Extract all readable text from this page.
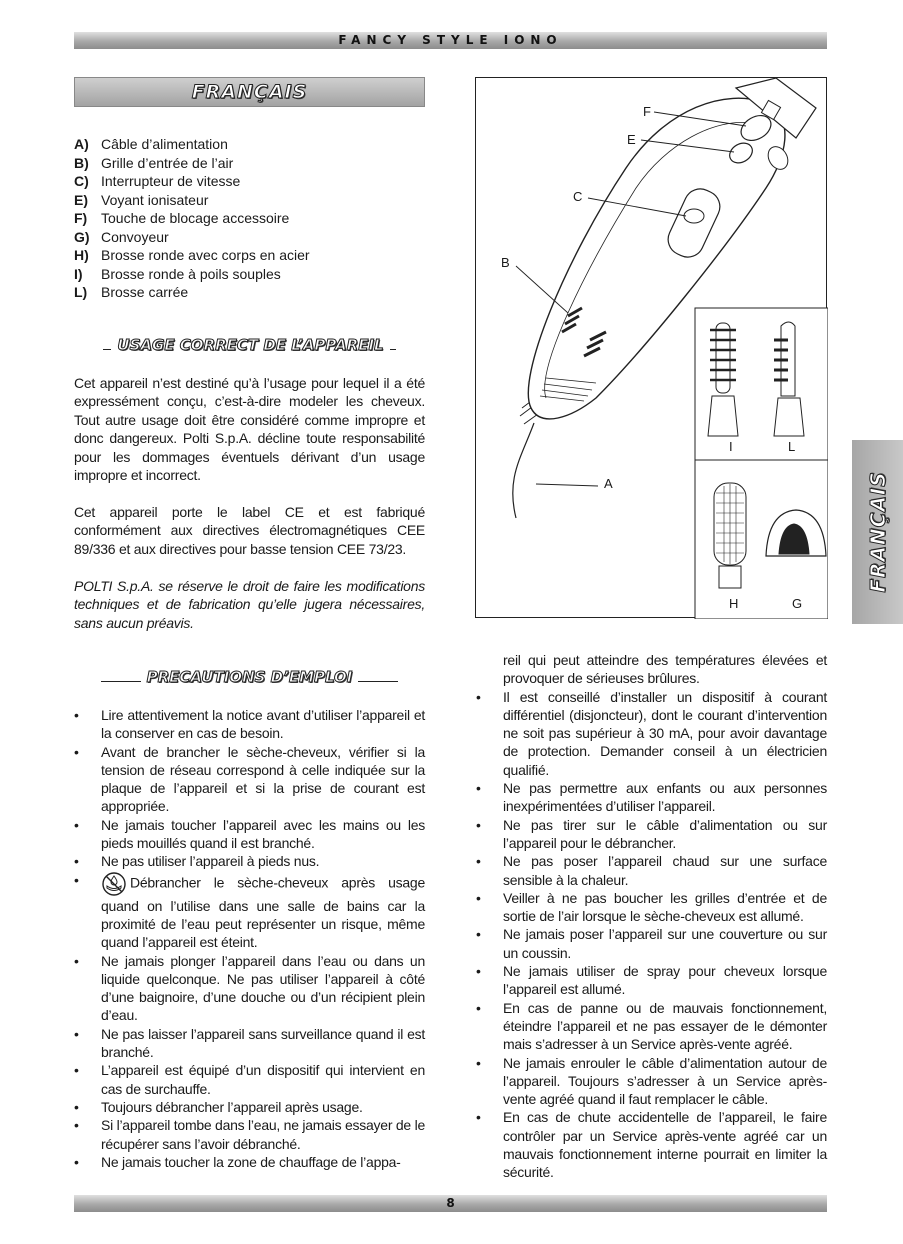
FANCY STYLE IONO
FRANÇAIS
A) Câble d’alimentation
B) Grille d’entrée de l’air
C) Interrupteur de vitesse
E) Voyant ionisateur
F) Touche de blocage accessoire
G) Convoyeur
H) Brosse ronde avec corps en acier
I)	Brosse ronde à poils souples
L) Brosse carrée
USAGE CORRECT DE L’APPAREIL

Cet appareil n’est destiné qu’à l’usage pour lequel il a été expressément conçu, c’est-à-dire modeler les cheveux. Tout autre usage doit être considéré comme impropre et donc dangereux. Polti S.p.A. décline toute responsabilité pour les dommages éventuels dérivant d’un usage impropre et incorrect.

Cet appareil porte le label CE et est fabriqué conformément aux directives électromagnétiques CEE 89/336 et aux directives pour basse tension CEE 73/23.

POLTI S.p.A. se réserve le droit de faire les modifications techniques et de fabrication qu’elle jugera nécessaires, sans aucun préavis.

PRECAUTIONS D’EMPLOI
• Lire attentivement la notice avant d’utiliser l’appareil et la conserver en cas de besoin.
• Avant de brancher le sèche-cheveux, vérifier si la tension de réseau correspond à celle indiquée sur la plaque de l’appareil et si la prise de courant est appropriée.
• Ne jamais toucher l’appareil avec les mains ou les pieds mouillés quand il est branché.
• Ne pas utiliser l’appareil à pieds nus.
•	Débrancher le sèche-cheveux après usage quand on l’utilise dans une salle de bains car la proximité de l’eau peut représenter un risque, même quand l’appareil est éteint.
• Ne jamais plonger l’appareil dans l’eau ou dans un liquide quelconque. Ne pas utiliser l’appareil à côté d’une baignoire, d’une douche ou d’un récipient plein d’eau.
• Ne pas laisser l’appareil sans surveillance quand il est branché.
• L’appareil est équipé d’un dispositif qui intervient en cas de surchauffe.
• Toujours débrancher l’appareil après usage.
• Si l’appareil tombe dans l’eau, ne jamais essayer de le récupérer sans l’avoir débranché.
• Ne jamais toucher la zone de chauffage de l’appa-
reil qui peut atteindre des températures élevées et provoquer de sérieuses brûlures.
• Il est conseillé d’installer un dispositif à courant différentiel (disjoncteur), dont le courant d’intervention ne soit pas supérieur à 30 mA, pour avoir davantage de protection. Demander conseil à un électricien qualifié.
• Ne pas permettre aux enfants ou aux personnes inexpérimentées d’utiliser l’appareil.
• Ne pas tirer sur le câble d’alimentation ou sur l’appareil pour le débrancher.
• Ne pas poser l’appareil chaud sur une surface sensible à la chaleur.
• Veiller à ne pas boucher les grilles d’entrée et de sortie de l’air lorsque le sèche-cheveux est allumé.
• Ne jamais poser l’appareil sur une couverture ou sur un coussin.
• Ne jamais utiliser de spray pour cheveux lorsque l’appareil est allumé.
• En cas de panne ou de mauvais fonctionnement, éteindre l’appareil et ne pas essayer de le démonter mais s’adresser à un Service après-vente agréé.
• Ne jamais enrouler le câble d’alimentation autour de l’appareil. Toujours s’adresser à un Service après-vente agréé quand il faut remplacer le câble.
• En cas de chute accidentelle de l’appareil, le faire contrôler par un Service après-vente agréé car un mauvais fonctionnement interne pourrait en limiter la sécurité.
F
E
C
B
A
I	L
H	G
FRANÇAIS
8
